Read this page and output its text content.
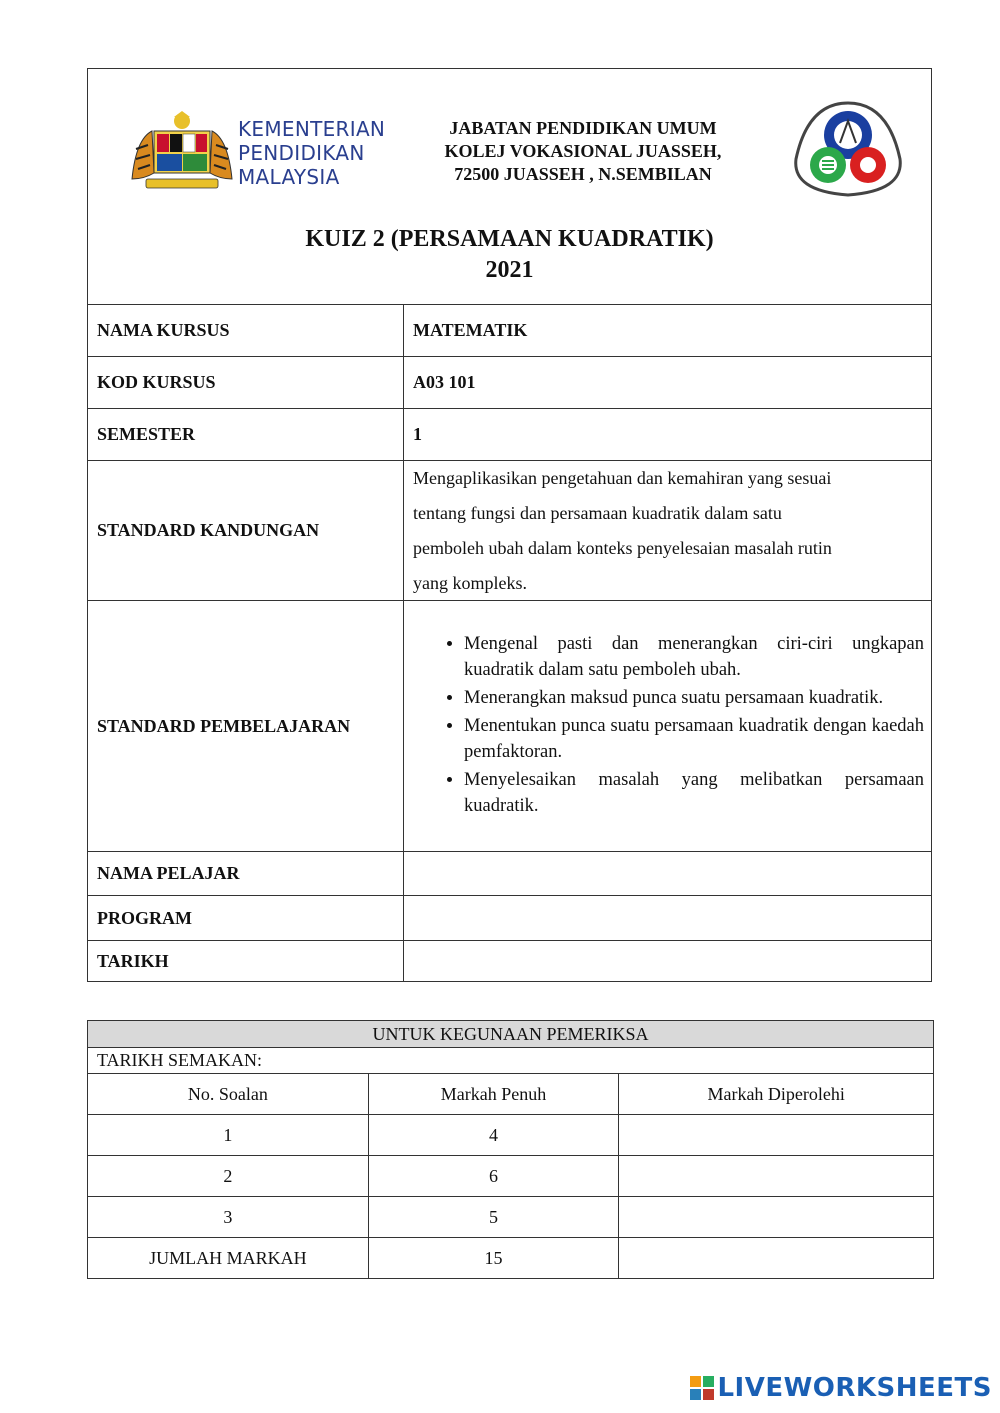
KEMENTERIAN
PENDIDIKAN
MALAYSIA
JABATAN PENDIDIKAN UMUM
KOLEJ VOKASIONAL JUASSEH,
72500 JUASSEH , N.SEMBILAN
KUIZ 2 (PERSAMAAN KUADRATIK)
2021
NAMA KURSUS	MATEMATIK
KOD KURSUS	A03 101
SEMESTER	1
STANDARD KANDUNGAN

Mengaplikasikan pengetahuan dan kemahiran yang sesuai

tentang fungsi dan persamaan kuadratik dalam satu

pemboleh ubah dalam konteks penyelesaian masalah rutin

yang kompleks.

STANDARD PEMBELAJARAN
• Mengenal pasti dan menerangkan ciri-ciri ungkapan kuadratik dalam satu pemboleh ubah.
• Menerangkan maksud punca suatu persamaan kuadratik.
• Menentukan punca suatu persamaan kuadratik dengan kaedah pemfaktoran.
• Menyelesaikan masalah yang melibatkan persamaan kuadratik.
NAMA PELAJAR
PROGRAM
TARIKH
UNTUK KEGUNAAN PEMERIKSA		
TARIKH SEMAKAN:		
No. Soalan	Markah Penuh	Markah Diperolehi
1	4	
2	6	
3	5	
JUMLAH MARKAH	15	
LIVEWORKSHEETS
